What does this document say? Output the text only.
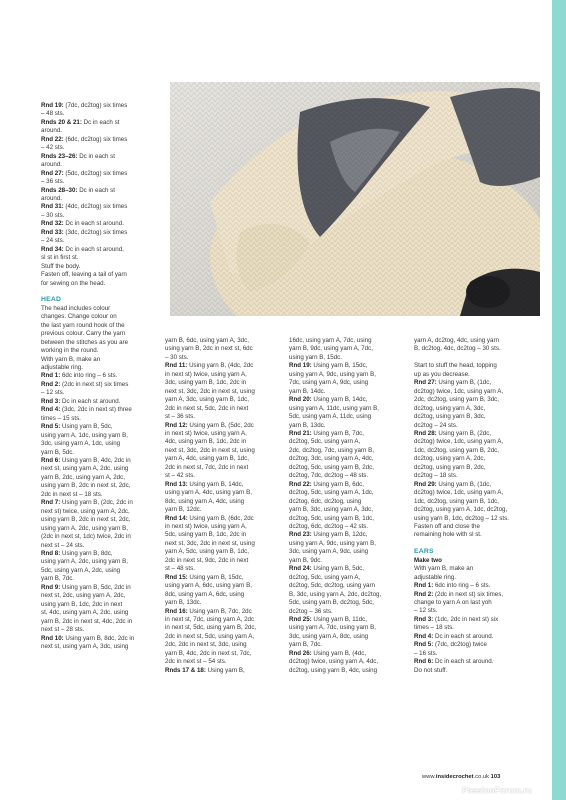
Rnd 19: (7dc, dc2tog) six times
– 48 sts.
Rnds 20 & 21: Dc in each st
around.
Rnd 22: (6dc, dc2tog) six times
– 42 sts.
Rnds 23–26: Dc in each st
around.
Rnd 27: (5dc, dc2tog) six times
– 36 sts.
Rnds 28–30: Dc in each st
around.
Rnd 31: (4dc, dc2tog) six times
– 30 sts.
Rnd 32: Dc in each st around.
Rnd 33: (3dc, dc2tog) six times
– 24 sts.
Rnd 34: Dc in each st around,
sl st in first st.
Stuff the body.
Fasten off, leaving a tail of yarn
for sewing on the head.
HEAD
The head includes colour
changes. Change colour on
the last yarn round hook of the
previous colour. Carry the yarn
between the stitches as you are
working in the round.
With yarn B, make an
adjustable ring.
Rnd 1: 6dc into ring – 6 sts.
Rnd 2: (2dc in next st) six times
– 12 sts.
Rnd 3: Dc in each st around.
Rnd 4: (3dc, 2dc in next st) three
times – 15 sts.
Rnd 5: Using yarn B, 5dc,
using yarn A, 1dc, using yarn B,
3dc, using yarn A, 1dc, using
yarn B, 5dc.
Rnd 6: Using yarn B, 4dc, 2dc in
next st, using yarn A, 2dc, using
yarn B, 2dc, using yarn A, 2dc,
using yarn B, 2dc in next st, 2dc,
2dc in next st – 18 sts.
Rnd 7: Using yarn B, (2dc, 2dc in
next st) twice, using yarn A, 2dc,
using yarn B, 2dc in next st, 2dc,
using yarn A, 2dc, using yarn B,
(2dc in next st, 1dc) twice, 2dc in
next st – 24 sts.
Rnd 8: Using yarn B, 8dc,
using yarn A, 2dc, using yarn B,
5dc, using yarn A, 2dc, using
yarn B, 7dc.
Rnd 9: Using yarn B, 5dc, 2dc in
next st, 2dc, using yarn A, 2dc,
using yarn B, 1dc, 2dc in next
st, 4dc, using yarn A, 2dc, using
yarn B, 2dc in next st, 4dc, 2dc in
next st – 28 sts.
Rnd 10: Using yarn B, 8dc, 2dc in
next st, using yarn A, 3dc, using
yarn B, 6dc, using yarn A, 3dc,
using yarn B, 2dc in next st, 6dc
– 30 sts.
Rnd 11: Using yarn B, (4dc, 2dc
in next st) twice, using yarn A,
3dc, using yarn B, 1dc, 2dc in
next st, 3dc, 2dc in next st, using
yarn A, 3dc, using yarn B, 1dc,
2dc in next st, 5dc, 2dc in next
st – 36 sts.
Rnd 12: Using yarn B, (5dc, 2dc
in next st) twice, using yarn A,
4dc, using yarn B, 1dc, 2dc in
next st, 3dc, 2dc in next st, using
yarn A, 4dc, using yarn B, 1dc,
2dc in next st, 7dc, 2dc in next
st – 42 sts.
Rnd 13: Using yarn B, 14dc,
using yarn A, 4dc, using yarn B,
8dc, using yarn A, 4dc, using
yarn B, 12dc.
Rnd 14: Using yarn B, (6dc, 2dc
in next st) twice, using yarn A,
5dc, using yarn B, 1dc, 2dc in
next st, 3dc, 2dc in next st, using
yarn A, 5dc, using yarn B, 1dc,
2dc in next st, 9dc, 2dc in next
st – 48 sts.
Rnd 15: Using yarn B, 15dc,
using yarn A, 6dc, using yarn B,
8dc, using yarn A, 6dc, using
yarn B, 13dc.
Rnd 16: Using yarn B, 7dc, 2dc
in next st, 7dc, using yarn A, 2dc
in next st, 5dc, using yarn B, 2dc,
2dc in next st, 5dc, using yarn A,
2dc, 2dc in next st, 3dc, using
yarn B, 4dc, 2dc in next st, 7dc,
2dc in next st – 54 sts.
Rnds 17 & 18: Using yarn B,
16dc, using yarn A, 7dc, using
yarn B, 9dc, using yarn A, 7dc,
using yarn B, 15dc.
Rnd 19: Using yarn B, 15dc,
using yarn A, 9dc, using yarn B,
7dc, using yarn A, 9dc, using
yarn B, 14dc.
Rnd 20: Using yarn B, 14dc,
using yarn A, 11dc, using yarn B,
5dc, using yarn A, 11dc, using
yarn B, 13dc.
Rnd 21: Using yarn B, 7dc,
dc2tog, 5dc, using yarn A,
2dc, dc2tog, 7dc, using yarn B,
dc2tog, 3dc, using yarn A, 4dc,
dc2tog, 5dc, using yarn B, 2dc,
dc2tog, 7dc, dc2tog – 48 sts.
Rnd 22: Using yarn B, 6dc,
dc2tog, 5dc, using yarn A, 1dc,
dc2tog, 6dc, dc2tog, using
yarn B, 3dc, using yarn A, 3dc,
dc2tog, 5dc, using yarn B, 1dc,
dc2tog, 6dc, dc2tog – 42 sts.
Rnd 23: Using yarn B, 12dc,
using yarn A, 9dc, using yarn B,
3dc, using yarn A, 9dc, using
yarn B, 9dc.
Rnd 24: Using yarn B, 5dc,
dc2tog, 5dc, using yarn A,
dc2tog, 5dc, dc2tog, using yarn
B, 3dc, using yarn A, 2dc, dc2tog,
5dc, using yarn B, dc2tog, 5dc,
dc2tog – 36 sts.
Rnd 25: Using yarn B, 11dc,
using yarn A, 7dc, using yarn B,
3dc, using yarn A, 8dc, using
yarn B, 7dc.
Rnd 26: Using yarn B, (4dc,
dc2tog) twice, using yarn A, 4dc,
dc2tog, using yarn B, 4dc, using
yarn A, dc2tog, 4dc, using yarn
B, dc2tog, 4dc, dc2tog – 30 sts.
Start to stuff the head, topping
up as you decrease.
Rnd 27: Using yarn B, (1dc,
dc2tog) twice, 1dc, using yarn A,
2dc, dc2tog, using yarn B, 3dc,
dc2tog, using yarn A, 3dc,
dc2tog, using yarn B, 3dc,
dc2tog – 24 sts.
Rnd 28: Using yarn B, (2dc,
dc2tog) twice, 1dc, using yarn A,
1dc, dc2tog, using yarn B, 2dc,
dc2tog, using yarn A, 2dc,
dc2tog, using yarn B, 2dc,
dc2tog – 18 sts.
Rnd 29: Using yarn B, (1dc,
dc2tog) twice, 1dc, using yarn A,
1dc, dc2tog, using yarn B, 1dc,
dc2tog, using yarn A, 1dc, dc2tog,
using yarn B, 1dc, dc2tog – 12 sts.
Fasten off and close the
remaining hole with sl st.
EARS
Make two
With yarn B, make an
adjustable ring.
Rnd 1: 6dc into ring – 6 sts.
Rnd 2: (2dc in next st) six times,
change to yarn A on last yoh
– 12 sts.
Rnd 3: (1dc, 2dc in next st) six
times – 18 sts.
Rnd 4: Dc in each st around.
Rnd 5: (7dc, dc2tog) twice
– 16 sts.
Rnd 6: Dc in each st around.
Do not stuff.
www.insidecrochet.co.uk 103
PassionForum.ru
